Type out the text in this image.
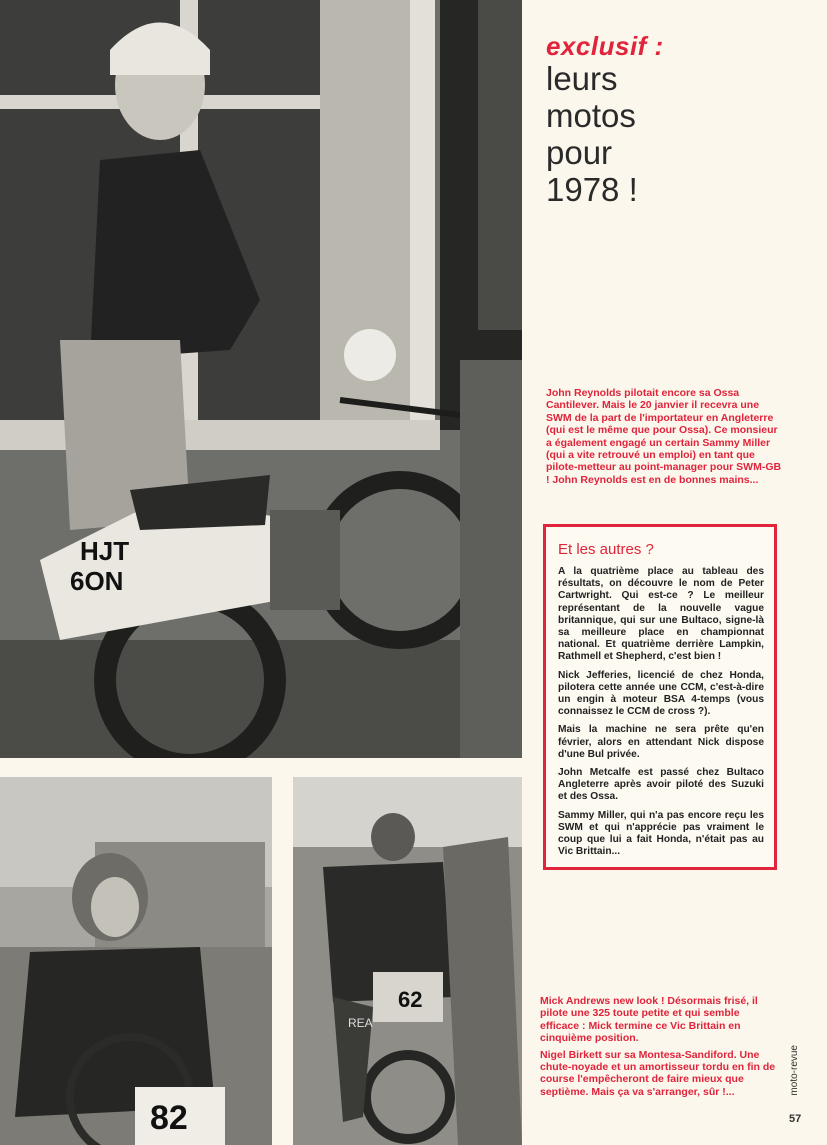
HJT
6ON
82
62
REA
exclusif :
leurs
motos
pour
1978 !

John Reynolds pilotait encore sa Ossa Cantilever. Mais le 20 janvier il recevra une SWM de la part de l'importateur en Angleterre (qui est le même que pour Ossa). Ce monsieur a également engagé un certain Sammy Miller (qui a vite retrouvé un emploi) en tant que pilote-metteur au point-manager pour SWM-GB ! John Reynolds est en de bonnes mains...

Et les autres ?

A la quatrième place au tableau des résultats, on découvre le nom de Peter Cartwright. Qui est-ce ? Le meilleur représentant de la nouvelle vague britannique, qui sur une Bultaco, signe-là sa meilleure place en championnat national. Et quatrième derrière Lampkin, Rathmell et Shepherd, c'est bien !

Nick Jefferies, licencié de chez Honda, pilotera cette année une CCM, c'est-à-dire un engin à moteur BSA 4-temps (vous connaissez le CCM de cross ?).

Mais la machine ne sera prête qu'en février, alors en attendant Nick dispose d'une Bul privée.

John Metcalfe est passé chez Bultaco Angleterre après avoir piloté des Suzuki et des Ossa.

Sammy Miller, qui n'a pas encore reçu les SWM et qui n'apprécie pas vraiment le coup que lui a fait Honda, n'était pas au Vic Brittain...

Mick Andrews new look ! Désormais frisé, il pilote une 325 toute petite et qui semble efficace : Mick termine ce Vic Brittain en cinquième position.

Nigel Birkett sur sa Montesa-Sandiford. Une chute-noyade et un amortisseur tordu en fin de course l'empêcheront de faire mieux que septième. Mais ça va s'arranger, sûr !...	moto-revue
57
